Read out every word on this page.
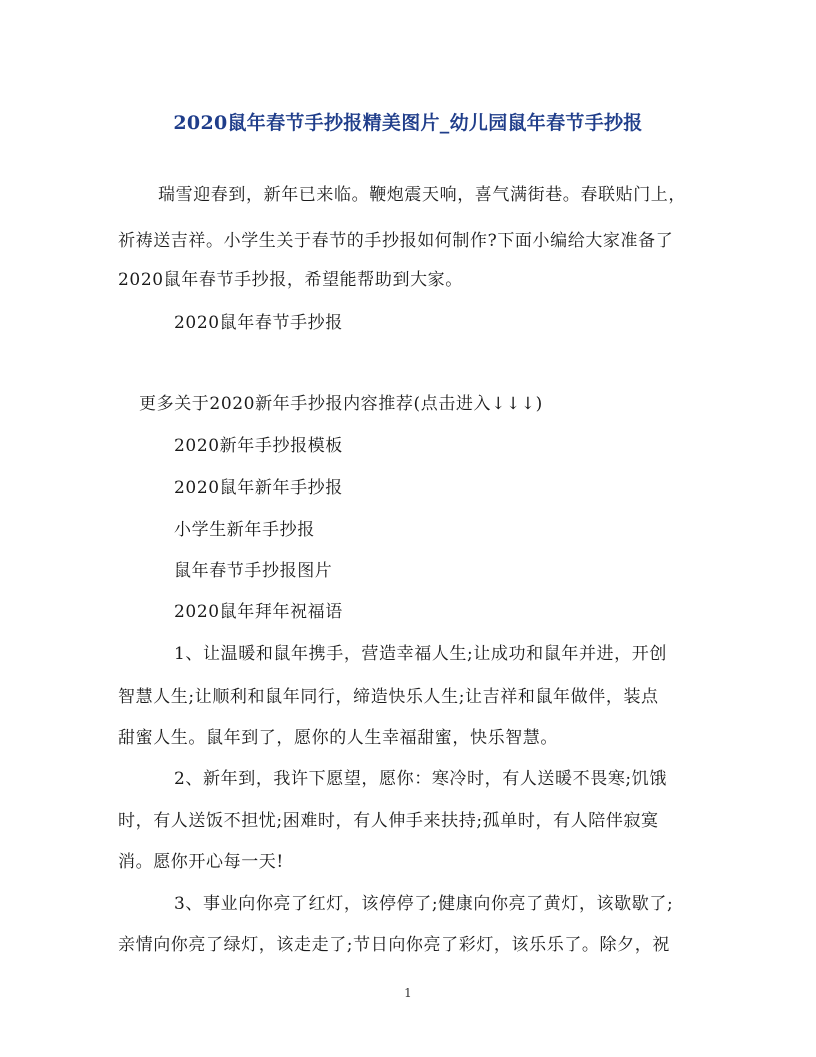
2020鼠年春节手抄报精美图片_幼儿园鼠年春节手抄报
瑞雪迎春到，新年已来临。鞭炮震天响，喜气满街巷。春联贴门上，
祈祷送吉祥。小学生关于春节的手抄报如何制作?下面小编给大家准备了
2020鼠年春节手抄报，希望能帮助到大家。
2020鼠年春节手抄报
更多关于2020新年手抄报内容推荐(点击进入↓↓↓)
2020新年手抄报模板
2020鼠年新年手抄报
小学生新年手抄报
鼠年春节手抄报图片
2020鼠年拜年祝福语
1、让温暖和鼠年携手，营造幸福人生;让成功和鼠年并进，开创
智慧人生;让顺利和鼠年同行，缔造快乐人生;让吉祥和鼠年做伴，装点
甜蜜人生。鼠年到了，愿你的人生幸福甜蜜，快乐智慧。
2、新年到，我许下愿望，愿你：寒冷时，有人送暖不畏寒;饥饿
时，有人送饭不担忧;困难时，有人伸手来扶持;孤单时，有人陪伴寂寞
消。愿你开心每一天!
3、事业向你亮了红灯，该停停了;健康向你亮了黄灯，该歇歇了;
亲情向你亮了绿灯，该走走了;节日向你亮了彩灯，该乐乐了。除夕，祝
1
